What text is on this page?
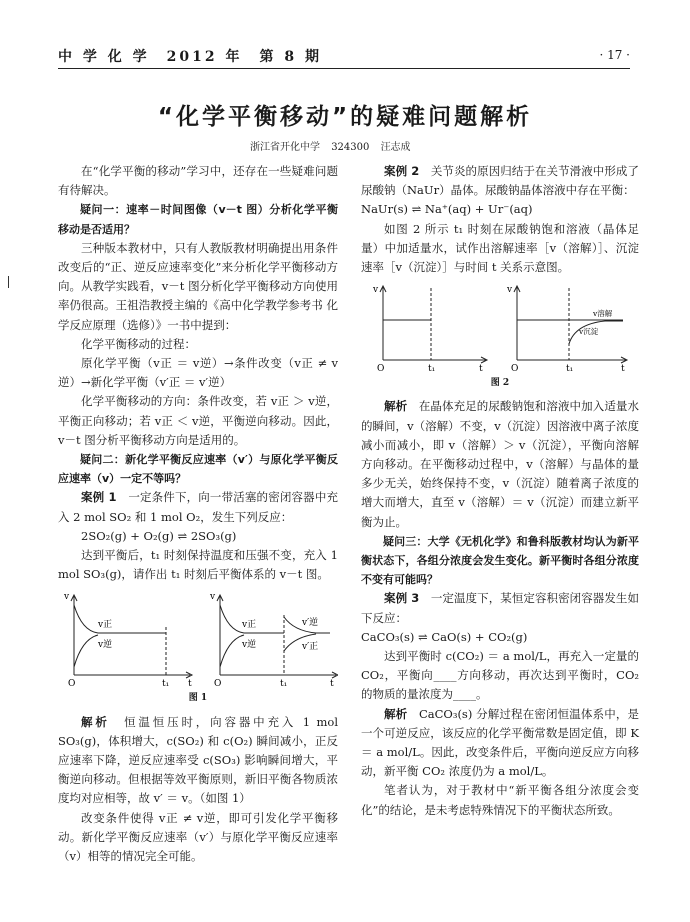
中 学 化 学　2012 年　第 8 期	· 17 ·
“化学平衡移动”的疑难问题解析
浙江省开化中学 324300 汪志成

在“化学平衡的移动”学习中，还存在一些疑难问题有待解决。

疑问一：速率－时间图像（v－t 图）分析化学平衡移动是否适用？

三种版本教材中，只有人教版教材明确提出用条件改变后的“正、逆反应速率变化”来分析化学平衡移动方向。从教学实践看，v－t 图分析化学平衡移动方向使用率仍很高。王祖浩教授主编的《高中化学教学参考书 化学反应原理（选修）》一书中提到：

化学平衡移动的过程：

原化学平衡（v正 ＝ v逆）→条件改变（v正 ≠ v逆）→新化学平衡（v′正 ＝ v′逆）

化学平衡移动的方向：条件改变，若 v正 ＞ v逆，平衡正向移动；若 v正 ＜ v逆，平衡逆向移动。因此，v－t 图分析平衡移动方向是适用的。

疑问二：新化学平衡反应速率（v′）与原化学平衡反应速率（v）一定不等吗？

案例 1　 一定条件下，向一带活塞的密闭容器中充入 2 mol SO₂ 和 1 mol O₂，发生下列反应：

2SO₂(g) + O₂(g) ⇌ 2SO₃(g)

达到平衡后，t₁ 时刻保持温度和压强不变，充入 1 mol SO₃(g)，请作出 t₁ 时刻后平衡体系的 v－t 图。

v
O	t₁ t
v正
v逆
v
O	t₁	t
v正
v逆
v′逆
v′正
图 1

解析　 恒温恒压时，向容器中充入 1 mol SO₃(g)，体积增大，c(SO₂) 和 c(O₂) 瞬间减小，正反应速率下降，逆反应速率受 c(SO₃) 影响瞬间增大，平衡逆向移动。但根据等效平衡原则，新旧平衡各物质浓度均对应相等，故 v′ ＝ v。（如图 1）

改变条件使得 v正 ≠ v逆，即可引发化学平衡移动。新化学平衡反应速率（v′）与原化学平衡反应速率（v）相等的情况完全可能。

案例 2　 关节炎的原因归结于在关节滑液中形成了尿酸钠（NaUr）晶体。尿酸钠晶体溶液中存在平衡：

NaUr(s) ⇌ Na⁺(aq) + Ur⁻(aq)

如图 2 所示 t₁ 时刻在尿酸钠饱和溶液（晶体足量）中加适量水，试作出溶解速率［v（溶解）］、沉淀速率［v（沉淀）］与时间 t 关系示意图。

v
O	t₁	t
v
O	t₁	t
v溶解
v沉淀
图 2

解析　 在晶体充足的尿酸钠饱和溶液中加入适量水的瞬间，v（溶解）不变，v（沉淀）因溶液中离子浓度减小而减小，即 v（溶解）＞ v（沉淀），平衡向溶解方向移动。在平衡移动过程中，v（溶解）与晶体的量多少无关，始终保持不变，v（沉淀）随着离子浓度的增大而增大，直至 v（溶解）＝ v（沉淀）而建立新平衡为止。

疑问三：大学《无机化学》和鲁科版教材均认为新平衡状态下，各组分浓度会发生变化。新平衡时各组分浓度不变有可能吗？

案例 3　 一定温度下，某恒定容积密闭容器发生如下反应：

CaCO₃(s) ⇌ CaO(s) + CO₂(g)

达到平衡时 c(CO₂) ＝ a mol/L，再充入一定量的 CO₂，平衡向____方向移动，再次达到平衡时，CO₂ 的物质的量浓度为____。

解析　 CaCO₃(s) 分解过程在密闭恒温体系中，是一个可逆反应，该反应的化学平衡常数是固定值，即 K ＝ a mol/L。因此，改变条件后，平衡向逆反应方向移动，新平衡 CO₂ 浓度仍为 a mol/L。

笔者认为，对于教材中“新平衡各组分浓度会变化”的结论，是未考虑特殊情况下的平衡状态所致。
